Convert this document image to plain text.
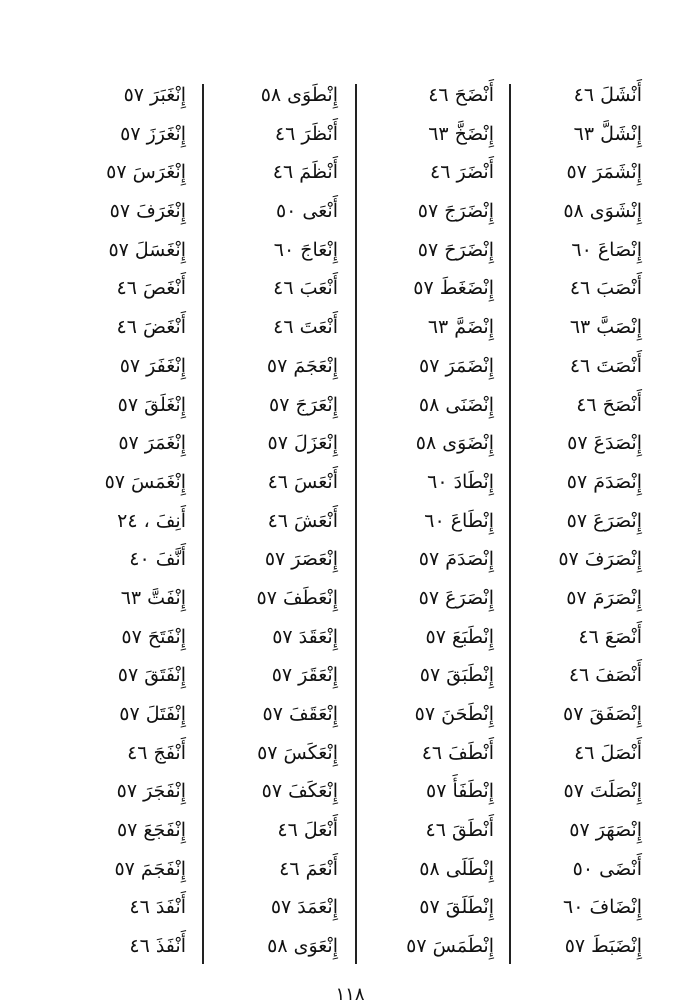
أَنْشَلَ ٤٦
إِنْشَلَّ ٦٣
إِنْشَمَرَ ٥٧
إِنْشَوَى ٥٨
إِنْصَاعَ ٦٠
أَنْصَبَ ٤٦
إِنْصَبَّ ٦٣
أَنْصَتَ ٤٦
أَنْصَحَ ٤٦
إِنْصَدَعَ ٥٧
إِنْصَدَمَ ٥٧
إِنْصَرَعَ ٥٧
إِنْصَرَفَ ٥٧
إِنْصَرَمَ ٥٧
أَنْصَعَ ٤٦
أَنْصَفَ ٤٦
إِنْصَفَقَ ٥٧
أَنْصَلَ ٤٦
إِنْصَلَتَ ٥٧
إِنْصَهَرَ ٥٧
أَنْضَى ٥٠
إِنْضَافَ ٦٠
إِنْضَبَطَ ٥٧
أَنْضَحَ ٤٦
إِنْضَخَّ ٦٣
أَنْضَرَ ٤٦
إِنْضَرَجَ ٥٧
إِنْضَرَحَ ٥٧
إِنْضَغَطَ ٥٧
إِنْضَمَّ ٦٣
إِنْضَمَرَ ٥٧
إِنْضَنَى ٥٨
إِنْضَوَى ٥٨
إِنْطَادَ ٦٠
إِنْطَاعَ ٦٠
إِنْصَدَمَ ٥٧
إِنْصَرَعَ ٥٧
إِنْطَبَعَ ٥٧
إِنْطَبَقَ ٥٧
إِنْطَحَنَ ٥٧
أَنْطَفَ ٤٦
إِنْطَفَأَ ٥٧
أَنْطَقَ ٤٦
إِنْطَلَى ٥٨
إِنْطَلَقَ ٥٧
إِنْطَمَسَ ٥٧
إِنْطَوَى ٥٨
أَنْظَرَ ٤٦
أَنْظَمَ ٤٦
أَنْعَى ٥٠
إِنْعَاجَ ٦٠
أَنْعَبَ ٤٦
أَنْعَتَ ٤٦
إِنْعَجَمَ ٥٧
إِنْعَرَجَ ٥٧
إِنْعَزَلَ ٥٧
أَنْعَسَ ٤٦
أَنْعَشَ ٤٦
إِنْعَصَرَ ٥٧
إِنْعَطَفَ ٥٧
إِنْعَقَدَ ٥٧
إِنْعَقَرَ ٥٧
إِنْعَقَفَ ٥٧
إِنْعَكَسَ ٥٧
إِنْعَكَفَ ٥٧
أَنْعَلَ ٤٦
أَنْعَمَ ٤٦
إِنْعَمَدَ ٥٧
إِنْعَوَى ٥٨
إِنْغَبَرَ ٥٧
إِنْغَرَزَ ٥٧
إِنْغَرَسَ ٥٧
إِنْغَرَفَ ٥٧
إِنْغَسَلَ ٥٧
أَنْغَصَ ٤٦
أَنْغَضَ ٤٦
إِنْغَفَرَ ٥٧
إِنْغَلَقَ ٥٧
إِنْغَمَرَ ٥٧
إِنْغَمَسَ ٥٧
أَنِفَ ، ٢٤
أَنَّفَ ٤٠
إِنْفَتَّ ٦٣
إِنْفَتَحَ ٥٧
إِنْفَتَقَ ٥٧
إِنْفَتَلَ ٥٧
أَنْفَجَ ٤٦
إِنْفَجَرَ ٥٧
إِنْفَجَعَ ٥٧
إِنْفَجَمَ ٥٧
أَنْفَدَ ٤٦
أَنْفَذَ ٤٦
١١٨
